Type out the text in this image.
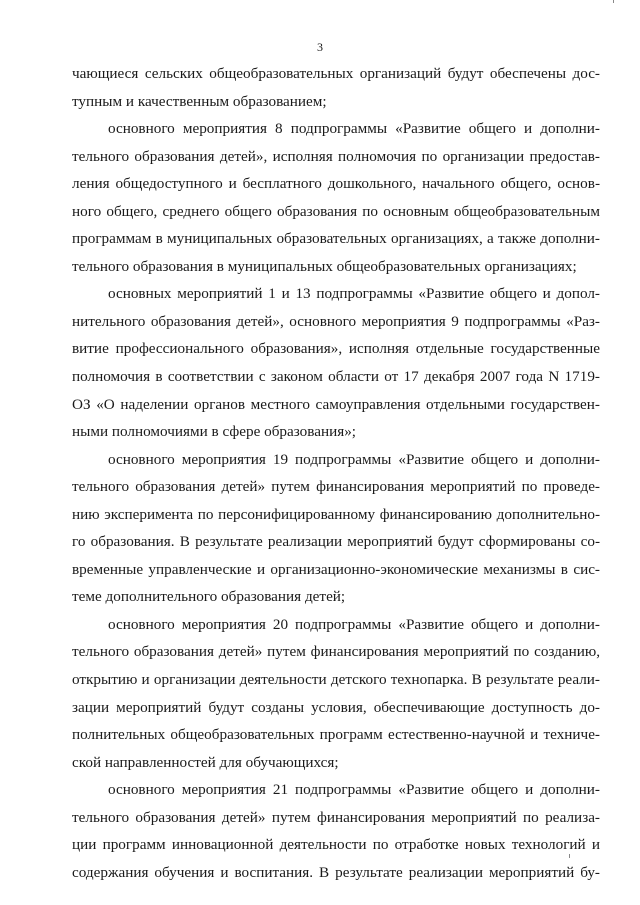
3
чающиеся сельских общеобразовательных организаций будут обеспечены дос-
тупным и качественным образованием;
основного мероприятия 8 подпрограммы «Развитие общего и дополни-
тельного образования детей», исполняя полномочия по организации предостав-
ления общедоступного и бесплатного дошкольного, начального общего, основ-
ного общего, среднего общего образования по основным общеобразовательным
программам в муниципальных образовательных организациях, а также дополни-
тельного образования в муниципальных общеобразовательных организациях;
основных мероприятий 1 и 13 подпрограммы «Развитие общего и допол-
нительного образования детей», основного мероприятия 9 подпрограммы «Раз-
витие профессионального образования», исполняя отдельные государственные
полномочия в соответствии с законом области от 17 декабря 2007 года N 1719-
ОЗ «О наделении органов местного самоуправления отдельными государствен-
ными полномочиями в сфере образования»;
основного мероприятия 19 подпрограммы «Развитие общего и дополни-
тельного образования детей» путем финансирования мероприятий по проведе-
нию эксперимента по персонифицированному финансированию дополнительно-
го образования. В результате реализации мероприятий будут сформированы со-
временные управленческие и организационно-экономические механизмы в сис-
теме дополнительного образования детей;
основного мероприятия 20 подпрограммы «Развитие общего и дополни-
тельного образования детей» путем финансирования мероприятий по созданию,
открытию и организации деятельности детского технопарка. В результате реали-
зации мероприятий будут созданы условия, обеспечивающие доступность до-
полнительных общеобразовательных программ естественно-научной и техниче-
ской направленностей для обучающихся;
основного мероприятия 21 подпрограммы «Развитие общего и дополни-
тельного образования детей» путем финансирования мероприятий по реализа-
ции программ инновационной деятельности по отработке новых технологий и
содержания обучения и воспитания. В результате реализации мероприятий бу-
